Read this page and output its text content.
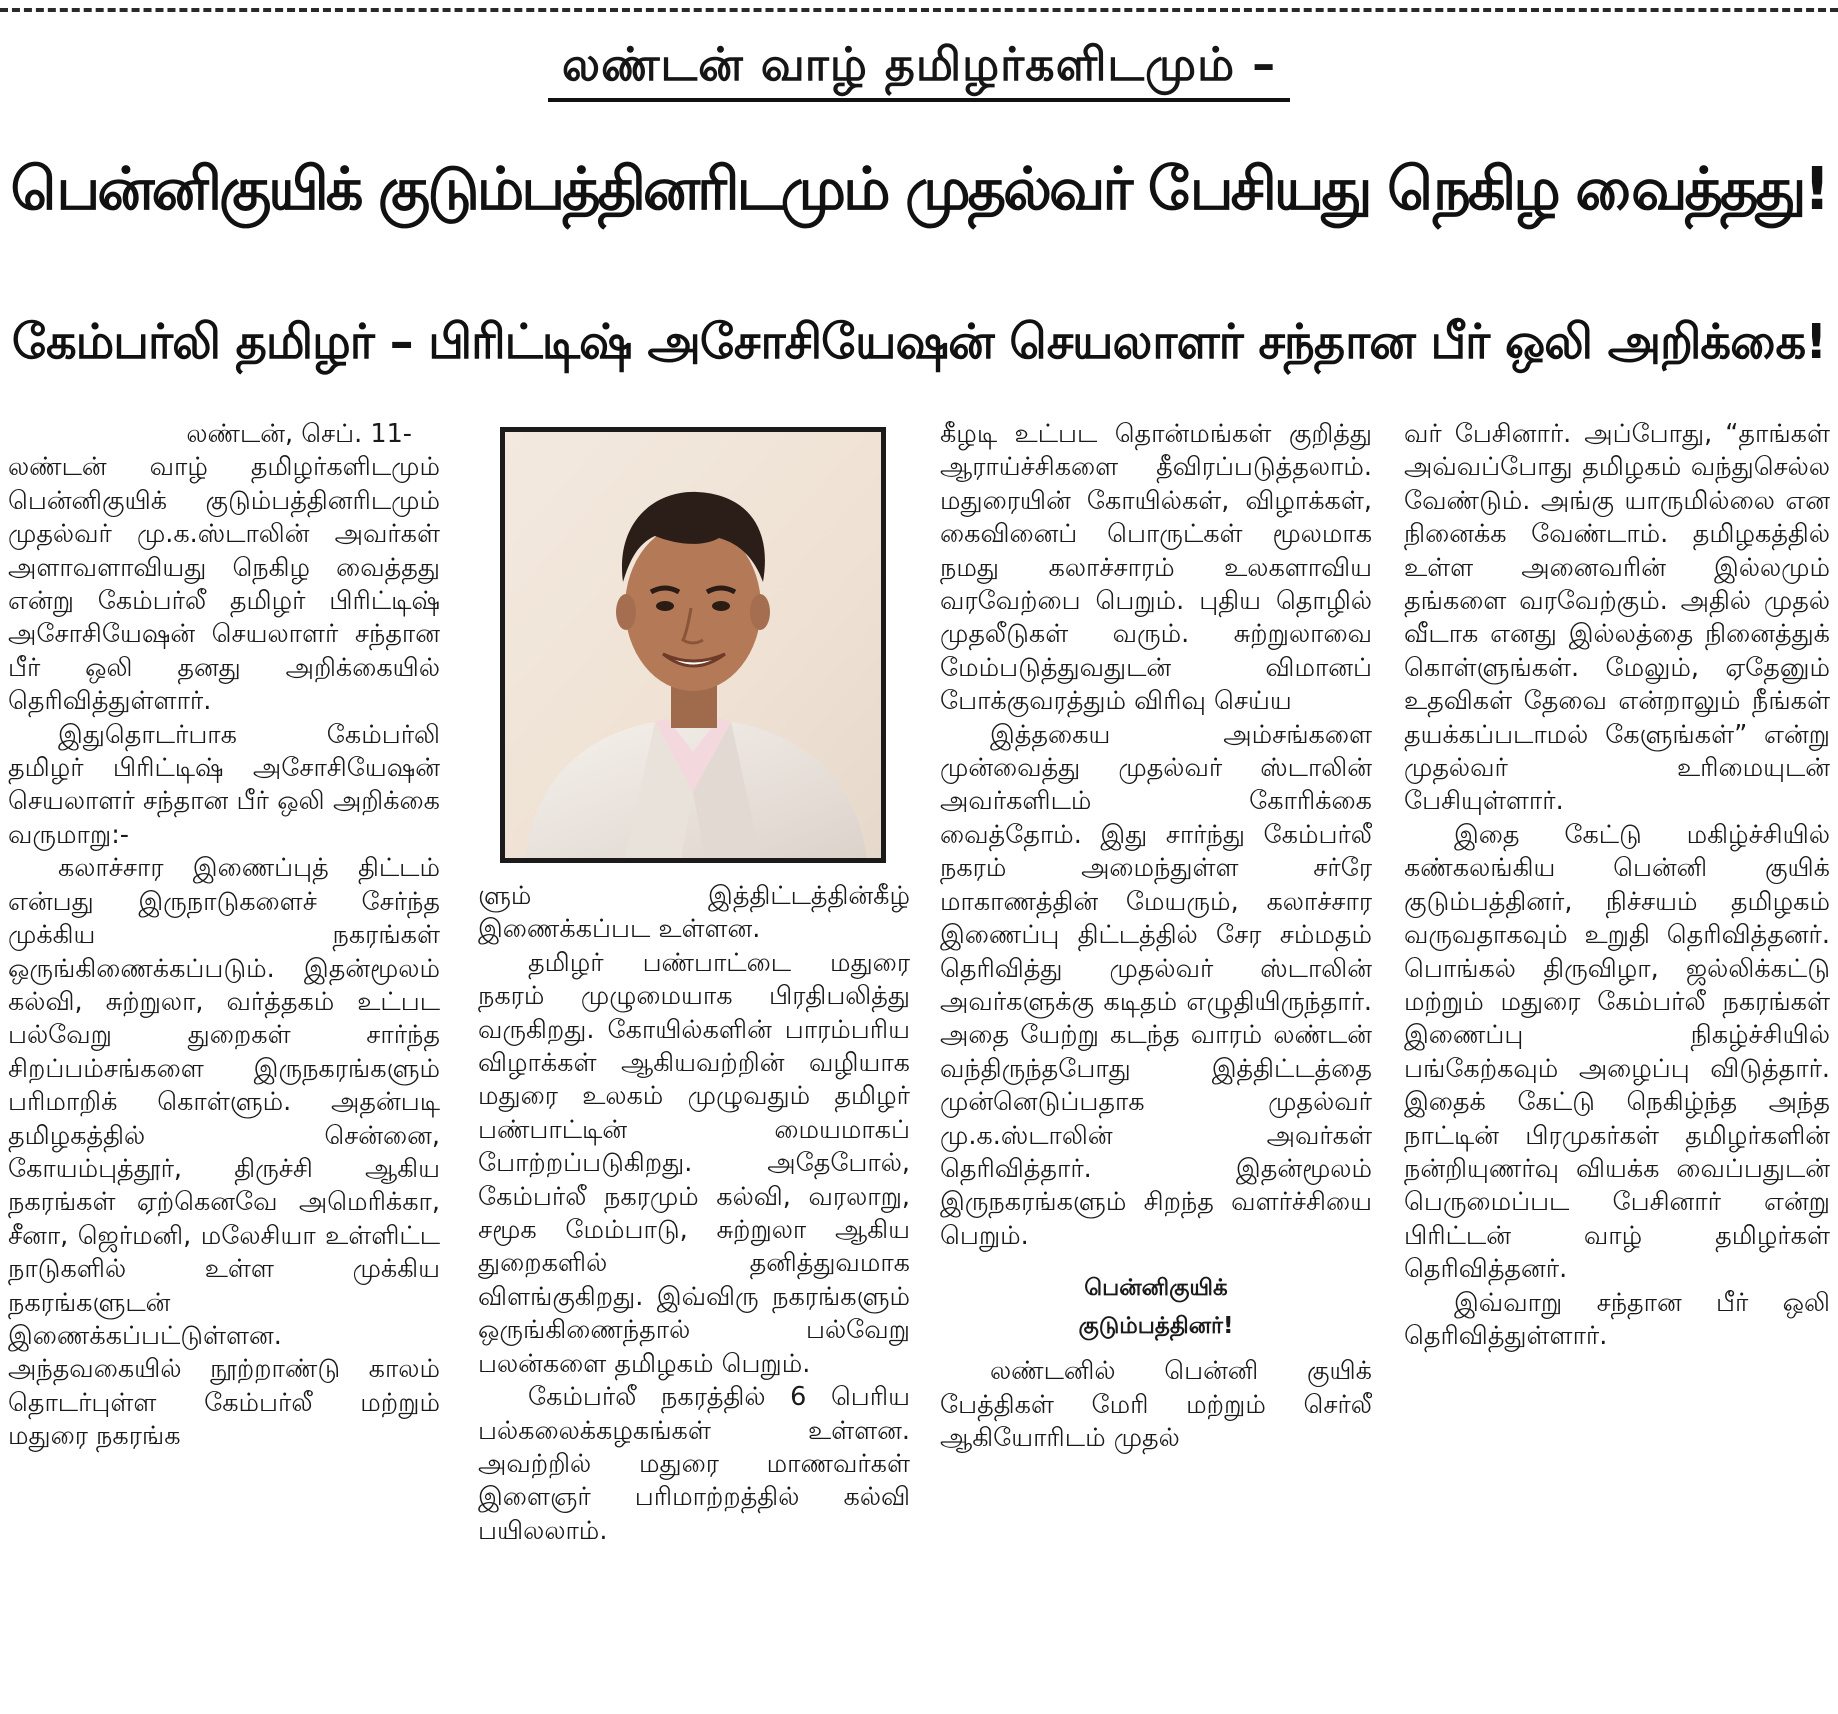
லண்டன் வாழ் தமிழர்களிடமும் –
பென்னிகுயிக் குடும்பத்தினரிடமும் முதல்வர் பேசியது நெகிழ வைத்தது!
கேம்பர்லி தமிழர் – பிரிட்டிஷ் அசோசியேஷன் செயலாளர் சந்தான பீர் ஒலி அறிக்கை!

லண்டன், செப். 11-

லண்டன் வாழ் தமிழர்களிடமும் பென்னிகுயிக் குடும்பத்தினரிடமும் முதல்வர் மு.க.ஸ்டாலின் அவர்கள் அளாவளாவியது நெகிழ வைத்தது என்று கேம்பர்லீ தமிழர் பிரிட்டிஷ் அசோசியேஷன் செயலாளர் சந்தான பீர் ஒலி தனது அறிக்கையில் தெரிவித்துள்ளார்.

இதுதொடர்பாக கேம்பர்லி தமிழர் பிரிட்டிஷ் அசோசியேஷன் செயலாளர் சந்தான பீர் ஒலி அறிக்கை வருமாறு:-

கலாச்சார இணைப்புத் திட்டம் என்பது இருநாடுகளைச் சேர்ந்த முக்கிய நகரங்கள் ஒருங்கிணைக்கப்படும். இதன்மூலம் கல்வி, சுற்றுலா, வர்த்தகம் உட்பட பல்வேறு துறைகள் சார்ந்த சிறப்பம்சங்களை இருநகரங்களும் பரிமாறிக் கொள்ளும். அதன்படி தமிழகத்தில் சென்னை, கோயம்புத்தூர், திருச்சி ஆகிய நகரங்கள் ஏற்கெனவே அமெரிக்கா, சீனா, ஜெர்மனி, மலேசியா உள்ளிட்ட நாடுகளில் உள்ள முக்கிய நகரங்களுடன் இணைக்கப்பட்டுள்ளன. அந்தவகையில் நூற்றாண்டு காலம் தொடர்புள்ள கேம்பர்லீ மற்றும் மதுரை நகரங்க

ளும் இத்திட்டத்தின்கீழ் இணைக்கப்பட உள்ளன.

தமிழர் பண்பாட்டை மதுரை நகரம் முழுமையாக பிரதிபலித்து வருகிறது. கோயில்களின் பாரம்பரிய விழாக்கள் ஆகியவற்றின் வழியாக மதுரை உலகம் முழுவதும் தமிழர் பண்பாட்டின் மையமாகப் போற்றப்படுகிறது. அதேபோல், கேம்பர்லீ நகரமும் கல்வி, வரலாறு, சமூக மேம்பாடு, சுற்றுலா ஆகிய துறைகளில் தனித்துவமாக விளங்குகிறது. இவ்விரு நகரங்களும் ஒருங்கிணைந்தால் பல்வேறு பலன்களை தமிழகம் பெறும்.

கேம்பர்லீ நகரத்தில் 6 பெரிய பல்கலைக்கழகங்கள் உள்ளன. அவற்றில் மதுரை மாணவர்கள் இளைஞர் பரிமாற்றத்தில் கல்வி பயிலலாம்.

கீழடி உட்பட தொன்மங்கள் குறித்து ஆராய்ச்சிகளை தீவிரப்படுத்தலாம். மதுரையின் கோயில்கள், விழாக்கள், கைவினைப் பொருட்கள் மூலமாக நமது கலாச்சாரம் உலகளாவிய வரவேற்பை பெறும். புதிய தொழில் முதலீடுகள் வரும். சுற்றுலாவை மேம்படுத்துவதுடன் விமானப் போக்குவரத்தும் விரிவு செய்ய

இத்தகைய அம்சங்களை முன்வைத்து முதல்வர் ஸ்டாலின் அவர்களிடம் கோரிக்கை வைத்தோம். இது சார்ந்து கேம்பர்லீ நகரம் அமைந்துள்ள சர்ரே மாகாணத்தின் மேயரும், கலாச்சார இணைப்பு திட்டத்தில் சேர சம்மதம் தெரிவித்து முதல்வர் ஸ்டாலின் அவர்களுக்கு கடிதம் எழுதியிருந்தார். அதை யேற்று கடந்த வாரம் லண்டன் வந்திருந்தபோது இத்திட்டத்தை முன்னெடுப்பதாக முதல்வர் மு.க.ஸ்டாலின் அவர்கள் தெரிவித்தார். இதன்மூலம் இருநகரங்களும் சிறந்த வளர்ச்சியை பெறும்.

பென்னிகுயிக்
குடும்பத்தினர்!

லண்டனில் பென்னி குயிக் பேத்திகள் மேரி மற்றும் செர்லீ ஆகியோரிடம் முதல்

வர் பேசினார். அப்போது, “தாங்கள் அவ்வப்போது தமிழகம் வந்துசெல்ல வேண்டும். அங்கு யாருமில்லை என நினைக்க வேண்டாம். தமிழகத்தில் உள்ள அனைவரின் இல்லமும் தங்களை வரவேற்கும். அதில் முதல் வீடாக எனது இல்லத்தை நினைத்துக் கொள்ளுங்கள். மேலும், ஏதேனும் உதவிகள் தேவை என்றாலும் நீங்கள் தயக்கப்படாமல் கேளுங்கள்” என்று முதல்வர் உரிமையுடன் பேசியுள்ளார்.

இதை கேட்டு மகிழ்ச்சியில் கண்கலங்கிய பென்னி குயிக் குடும்பத்தினர், நிச்சயம் தமிழகம் வருவதாகவும் உறுதி தெரிவித்தனர். பொங்கல் திருவிழா, ஜல்லிக்கட்டு மற்றும் மதுரை கேம்பர்லீ நகரங்கள் இணைப்பு நிகழ்ச்சியில் பங்கேற்கவும் அழைப்பு விடுத்தார். இதைக் கேட்டு நெகிழ்ந்த அந்த நாட்டின் பிரமுகர்கள் தமிழர்களின் நன்றியுணர்வு வியக்க வைப்பதுடன் பெருமைப்பட பேசினார் என்று பிரிட்டன் வாழ் தமிழர்கள் தெரிவித்தனர்.

இவ்வாறு சந்தான பீர் ஒலி தெரிவித்துள்ளார்.
